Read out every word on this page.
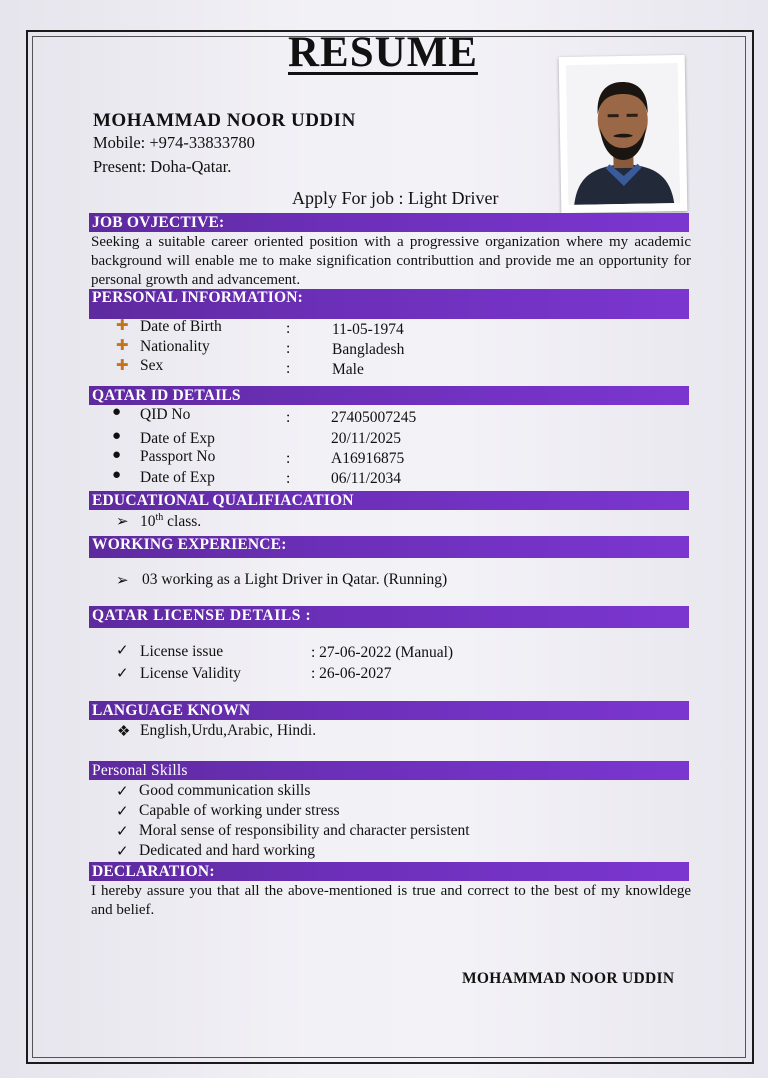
RESUME
MOHAMMAD NOOR UDDIN
Mobile: +974-33833780
Present: Doha-Qatar.
Apply For job : Light Driver
JOB OVJECTIVE:
Seeking a suitable career oriented position with a progressive organization where my academic background will enable me to make signification contributtion and provide me an opportunity for personal growth and advancement.
PERSONAL INFORMATION:
✚ Date of Birth	:	11-05-1974
✚ Nationality	:	Bangladesh
✚ Sex	:	Male
QATAR ID DETAILS
● QID No	:	27405007245
● Date of Exp	20/11/2025
● Passport No	:	A16916875
● Date of Exp	:	06/11/2034
EDUCATIONAL QUALIFIACATION
➢ 10th class.
WORKING EXPERIENCE:
➢ 03 working as a Light Driver in Qatar. (Running)
QATAR LICENSE DETAILS :
✓ License issue	: 27-06-2022 (Manual)
✓ License Validity	: 26-06-2027
LANGUAGE KNOWN
❖ English,Urdu,Arabic, Hindi.
Personal Skills
✓ Good communication skills
✓ Capable of working under stress
✓ Moral sense of responsibility and character persistent
✓ Dedicated and hard working
DECLARATION:
I hereby assure you that all the above-mentioned is true and correct to the best of my knowldege and belief.
MOHAMMAD NOOR UDDIN
